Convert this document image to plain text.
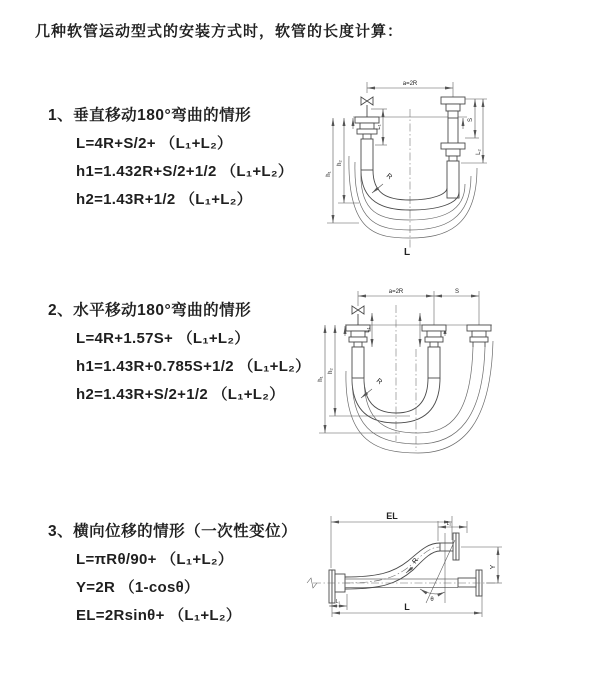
几种软管运动型式的安装方式时，软管的长度计算：
1、垂直移动180°弯曲的情形
L=4R+S/2+ （L₁+L₂）
h1=1.432R+S/2+1/2 （L₁+L₂）
h2=1.43R+1/2 （L₁+L₂）
2、水平移动180°弯曲的情形
L=4R+1.57S+ （L₁+L₂）
h1=1.43R+0.785S+1/2 （L₁+L₂）
h2=1.43R+S/2+1/2 （L₁+L₂）
3、横向位移的情形（一次性变位）
L=πRθ/90+ （L₁+L₂）
Y=2R （1-cosθ）
EL=2Rsinθ+ （L₁+L₂）
a=2R
L₁
S
L₂
h₁
h₂
R
L
a=2R	S
L₁
h₁
h₂
R
EL
L₂
Y
θ
R
L₁	L
